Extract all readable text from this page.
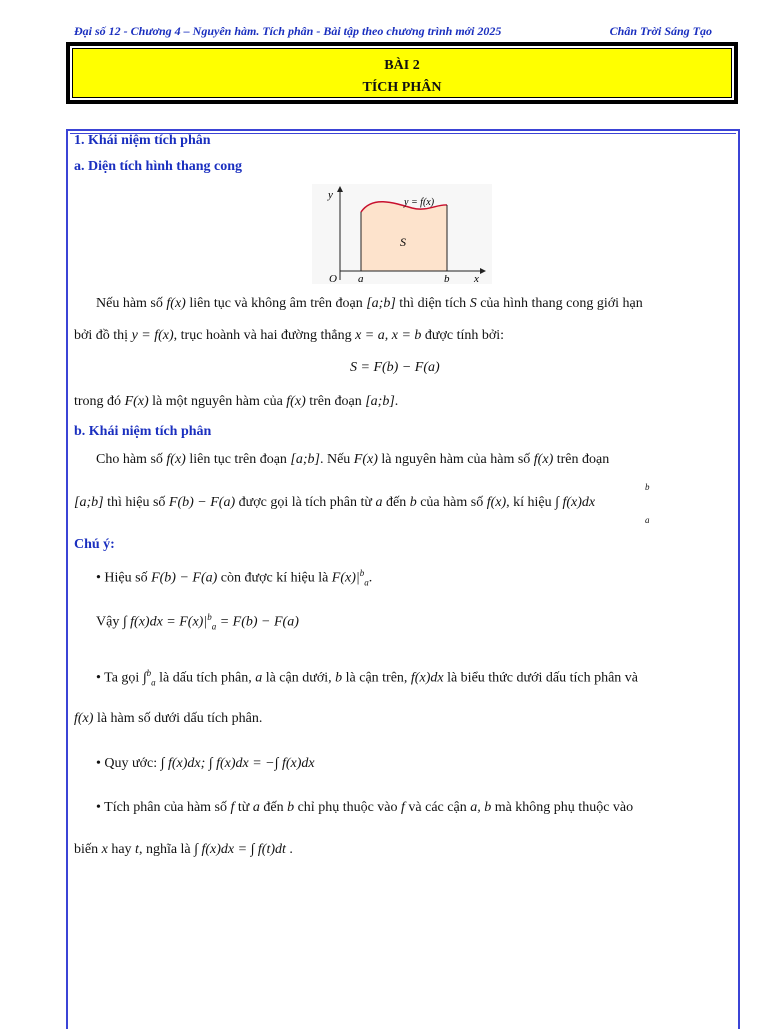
Đại số 12 - Chương 4 – Nguyên hàm. Tích phân - Bài tập theo chương trình mới 2025	Chân Trời Sáng Tạo
BÀI 2
TÍCH PHÂN
1. Khái niệm tích phân
a. Diện tích hình thang cong
y
x
O a	b
y = f(x)
S
Nếu hàm số f(x) liên tục và không âm trên đoạn [a;b] thì diện tích S của hình thang cong giới hạn
bởi đồ thị y = f(x), trục hoành và hai đường thẳng x = a, x = b được tính bởi:
S = F(b) − F(a)
trong đó F(x) là một nguyên hàm của f(x) trên đoạn [a;b].
b. Khái niệm tích phân
Cho hàm số f(x) liên tục trên đoạn [a;b]. Nếu F(x) là nguyên hàm của hàm số f(x) trên đoạn
[a;b] thì hiệu số F(b) − F(a) được gọi là tích phân từ a đến b của hàm số f(x), kí hiệu ∫ f(x)dx
b
a
Chú ý:
• Hiệu số F(b) − F(a) còn được kí hiệu là $F(x)|^b_a$.
Vậy ∫ $f(x)dx = F(x)|^b_a = F(b) - F(a)$
• Ta gọi ∫$^b_a$ là dấu tích phân, a là cận dưới, b là cận trên, f(x)dx là biểu thức dưới dấu tích phân và
f(x) là hàm số dưới dấu tích phân.
• Quy ước: ∫ f(x)dx; ∫ f(x)dx = −∫ f(x)dx
• Tích phân của hàm số f từ a đến b chỉ phụ thuộc vào f và các cận a, b mà không phụ thuộc vào
biến x hay t, nghĩa là ∫ f(x)dx = ∫ f(t)dt .
